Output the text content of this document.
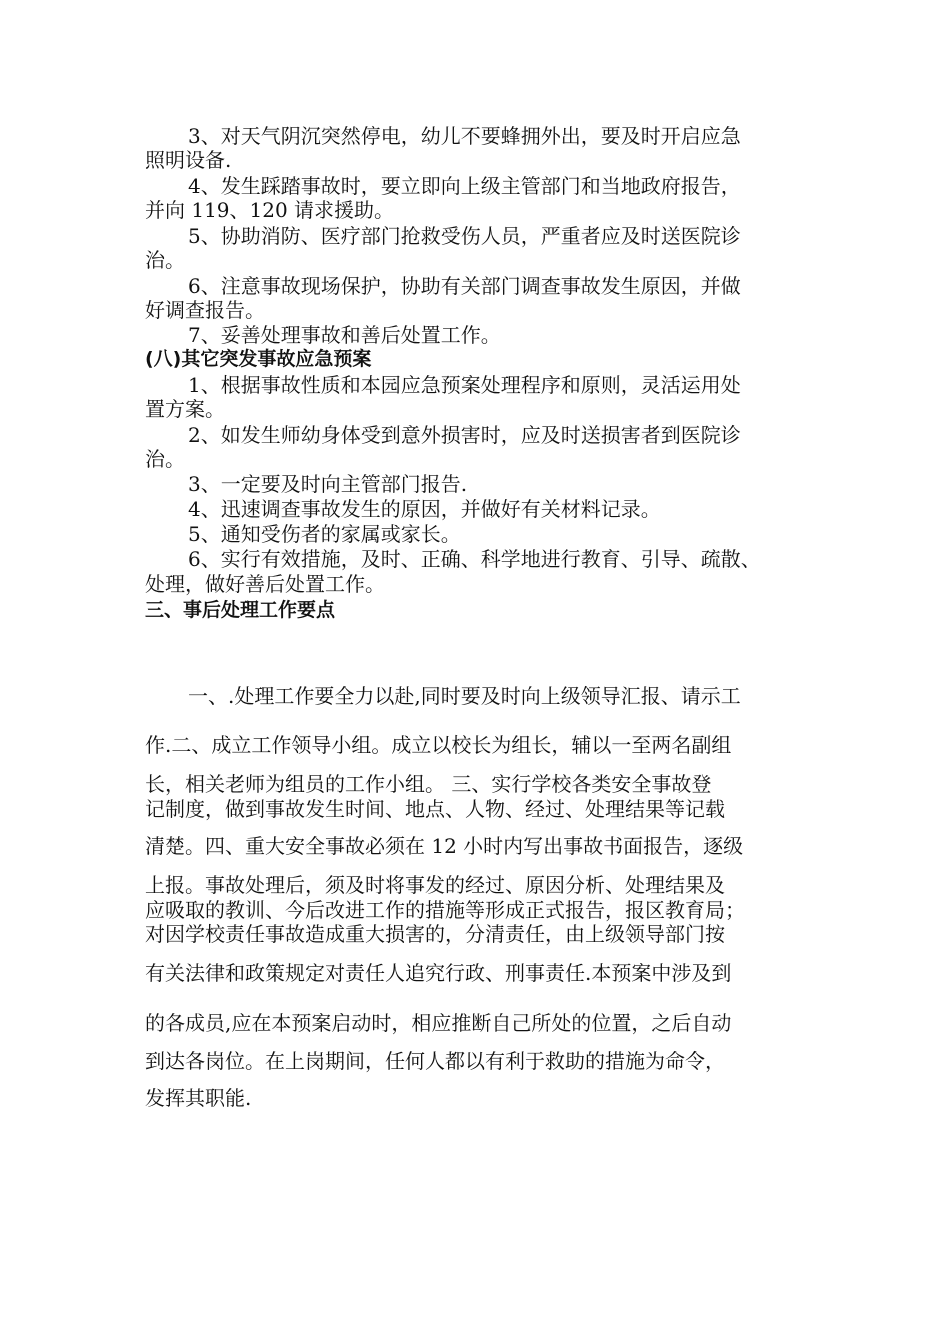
3、对天气阴沉突然停电，幼儿不要蜂拥外出，要及时开启应急
照明设备.
4、发生踩踏事故时，要立即向上级主管部门和当地政府报告，
并向 119、120 请求援助。
5、协助消防、医疗部门抢救受伤人员，严重者应及时送医院诊
治。
6、注意事故现场保护，协助有关部门调查事故发生原因，并做
好调查报告。
7、妥善处理事故和善后处置工作。
(八)其它突发事故应急预案
1、根据事故性质和本园应急预案处理程序和原则，灵活运用处
置方案。
2、如发生师幼身体受到意外损害时，应及时送损害者到医院诊
治。
3、一定要及时向主管部门报告.
4、迅速调查事故发生的原因，并做好有关材料记录。
5、通知受伤者的家属或家长。
6、实行有效措施，及时、正确、科学地进行教育、引导、疏散、
处理，做好善后处置工作。
三、事后处理工作要点
一、.处理工作要全力以赴,同时要及时向上级领导汇报、请示工
作.二、成立工作领导小组。成立以校长为组长，辅以一至两名副组
长，相关老师为组员的工作小组。 三、实行学校各类安全事故登
记制度，做到事故发生时间、地点、人物、经过、处理结果等记载
清楚。四、重大安全事故必须在 12 小时内写出事故书面报告，逐级
上报。事故处理后，须及时将事发的经过、原因分析、处理结果及
应吸取的教训、今后改进工作的措施等形成正式报告，报区教育局；
对因学校责任事故造成重大损害的，分清责任，由上级领导部门按
有关法律和政策规定对责任人追究行政、刑事责任.本预案中涉及到
的各成员,应在本预案启动时，相应推断自己所处的位置，之后自动
到达各岗位。在上岗期间，任何人都以有利于救助的措施为命令，
发挥其职能.
